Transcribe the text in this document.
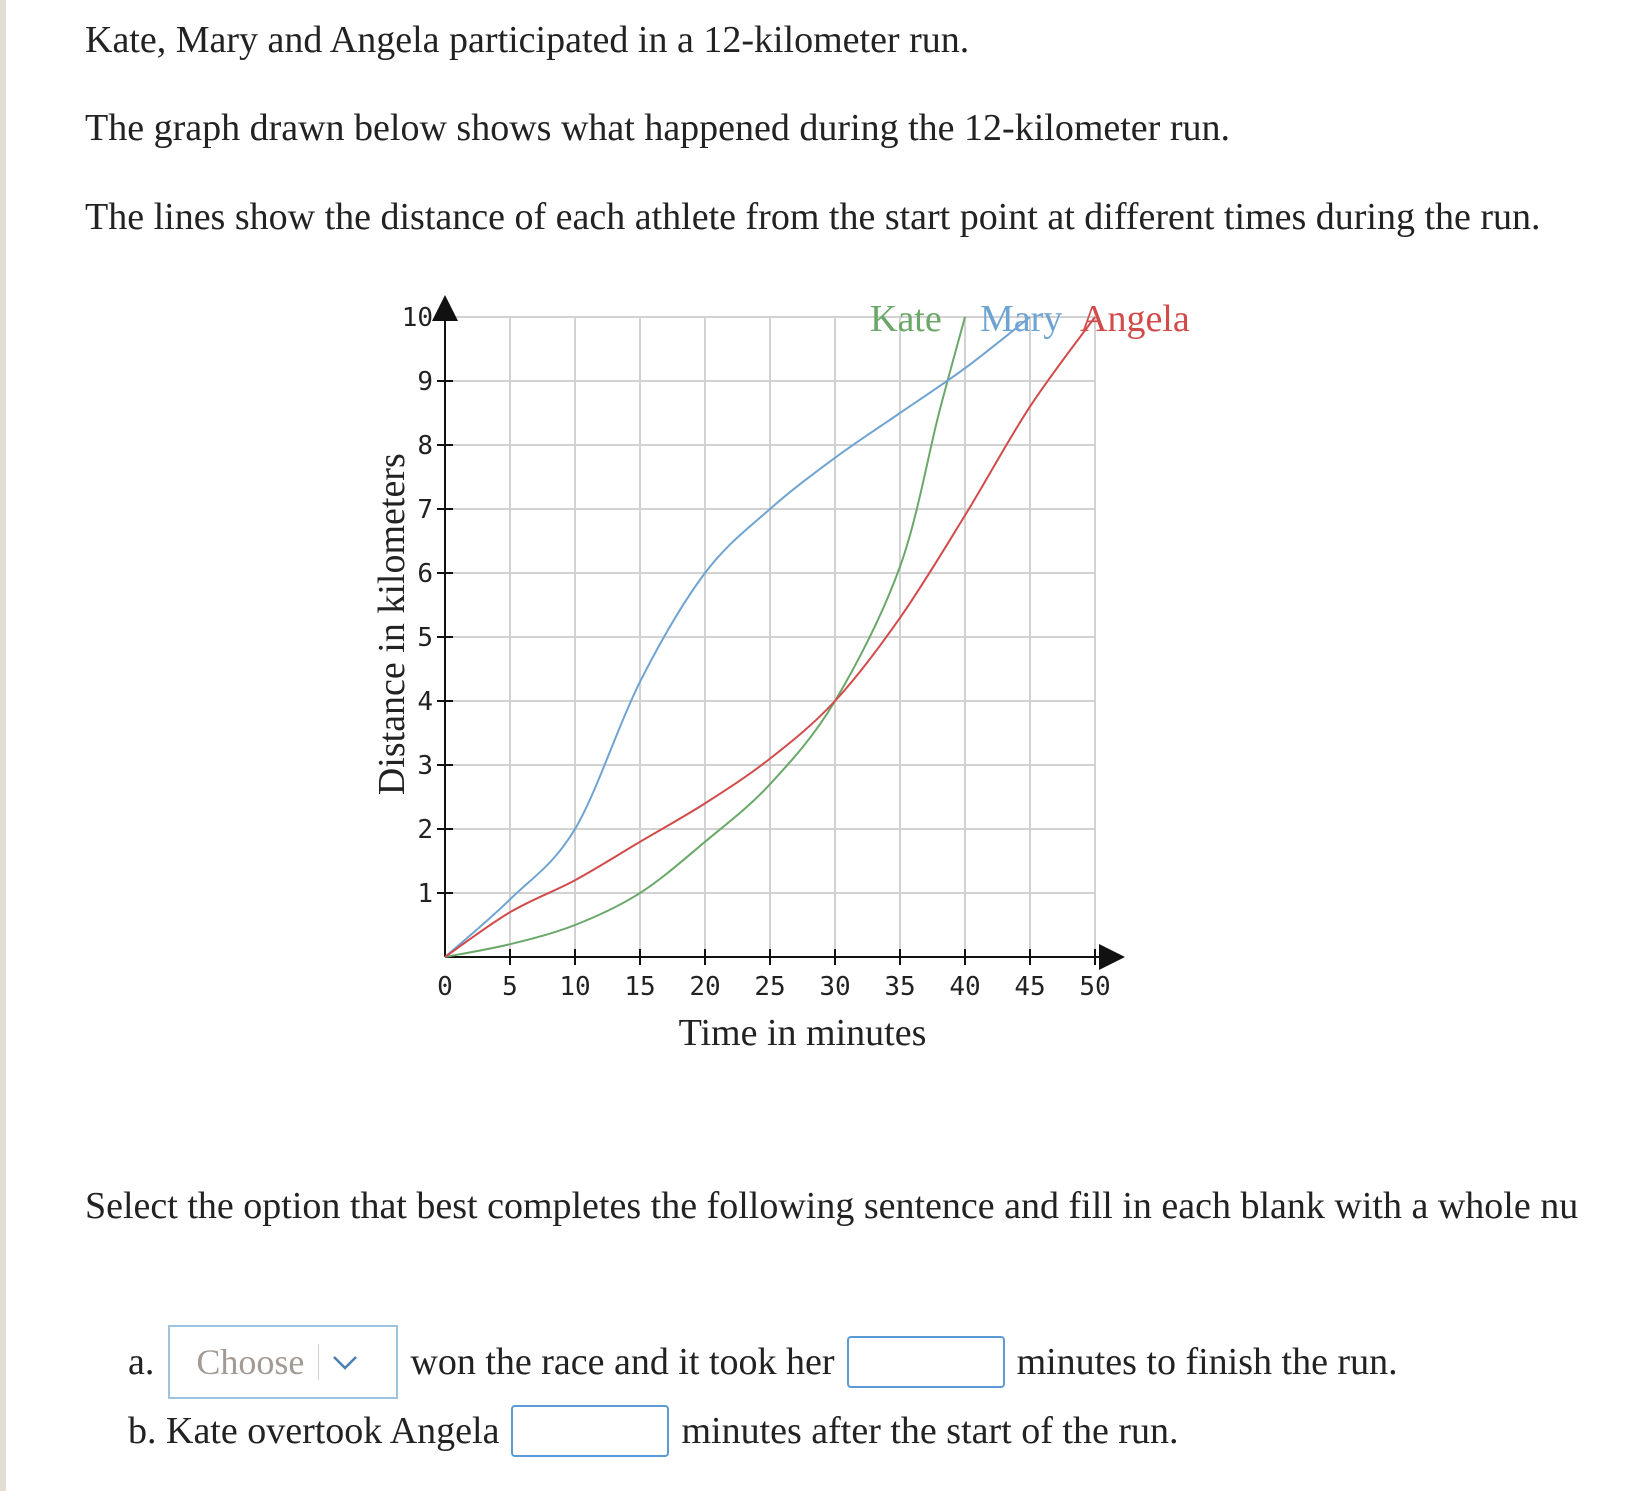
Kate, Mary and Angela participated in a 12-kilometer run.

The graph drawn below shows what happened during the 12-kilometer run.

The lines show the distance of each athlete from the start point at different times during the run.

0 5 10 15 20 25 30 35 40 45 50
1
2
3
4
5
6
7
8
9
10
Time in minutes
Distance in kilometers
Kate Mary Angela

Select the option that best completes the following sentence and fill in each blank with a whole nu

a. Choose	won the race and it took her	minutes to finish the run.
b. Kate overtook Angela	minutes after the start of the run.
